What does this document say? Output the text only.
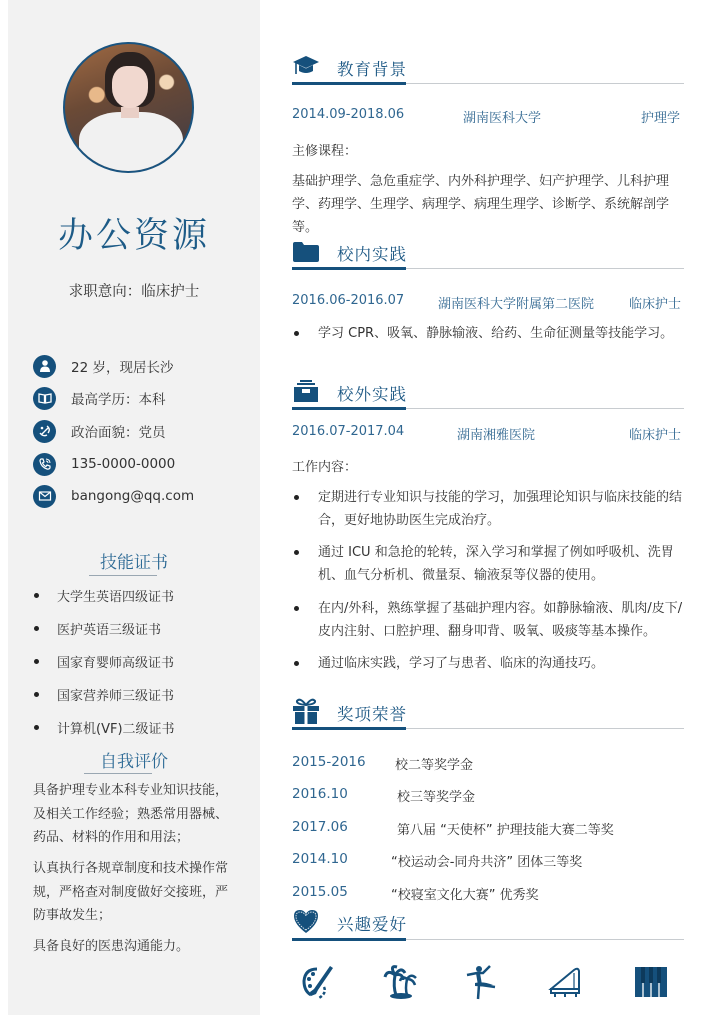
办公资源
求职意向：临床护士
22 岁，现居长沙
最高学历：本科
政治面貌：党员
135-0000-0000
bangong@qq.com
技能证书
大学生英语四级证书
医护英语三级证书
国家育婴师高级证书
国家营养师三级证书
计算机(VF)二级证书
自我评价
具备护理专业本科专业知识技能，及相关工作经验；熟悉常用器械、药品、材料的作用和用法；
认真执行各规章制度和技术操作常规，严格查对制度做好交接班，严防事故发生；
具备良好的医患沟通能力。
教育背景
2014.09-2018.06	湖南医科大学	护理学
主修课程：
基础护理学、急危重症学、内外科护理学、妇产护理学、儿科护理学、药理学、生理学、病理学、病理生理学、诊断学、系统解剖学等。
校内实践
2016.06-2016.07	湖南医科大学附属第二医院	临床护士
学习 CPR、吸氧、静脉输液、给药、生命征测量等技能学习。
校外实践
2016.07-2017.04	湖南湘雅医院	临床护士
工作内容：
定期进行专业知识与技能的学习，加强理论知识与临床技能的结合，更好地协助医生完成治疗。
通过 ICU 和急抢的轮转，深入学习和掌握了例如呼吸机、洗胃机、血气分析机、微量泵、输液泵等仪器的使用。
在内/外科，熟练掌握了基础护理内容。如静脉输液、肌肉/皮下/皮内注射、口腔护理、翻身叩背、吸氧、吸痰等基本操作。
通过临床实践，学习了与患者、临床的沟通技巧。
奖项荣誉
2015-2016 校二等奖学金
2016.10	校三等奖学金
2017.06	第八届 “天使杯” 护理技能大赛二等奖
2014.10	“校运动会-同舟共济” 团体三等奖
2015.05	“校寝室文化大赛” 优秀奖
兴趣爱好
